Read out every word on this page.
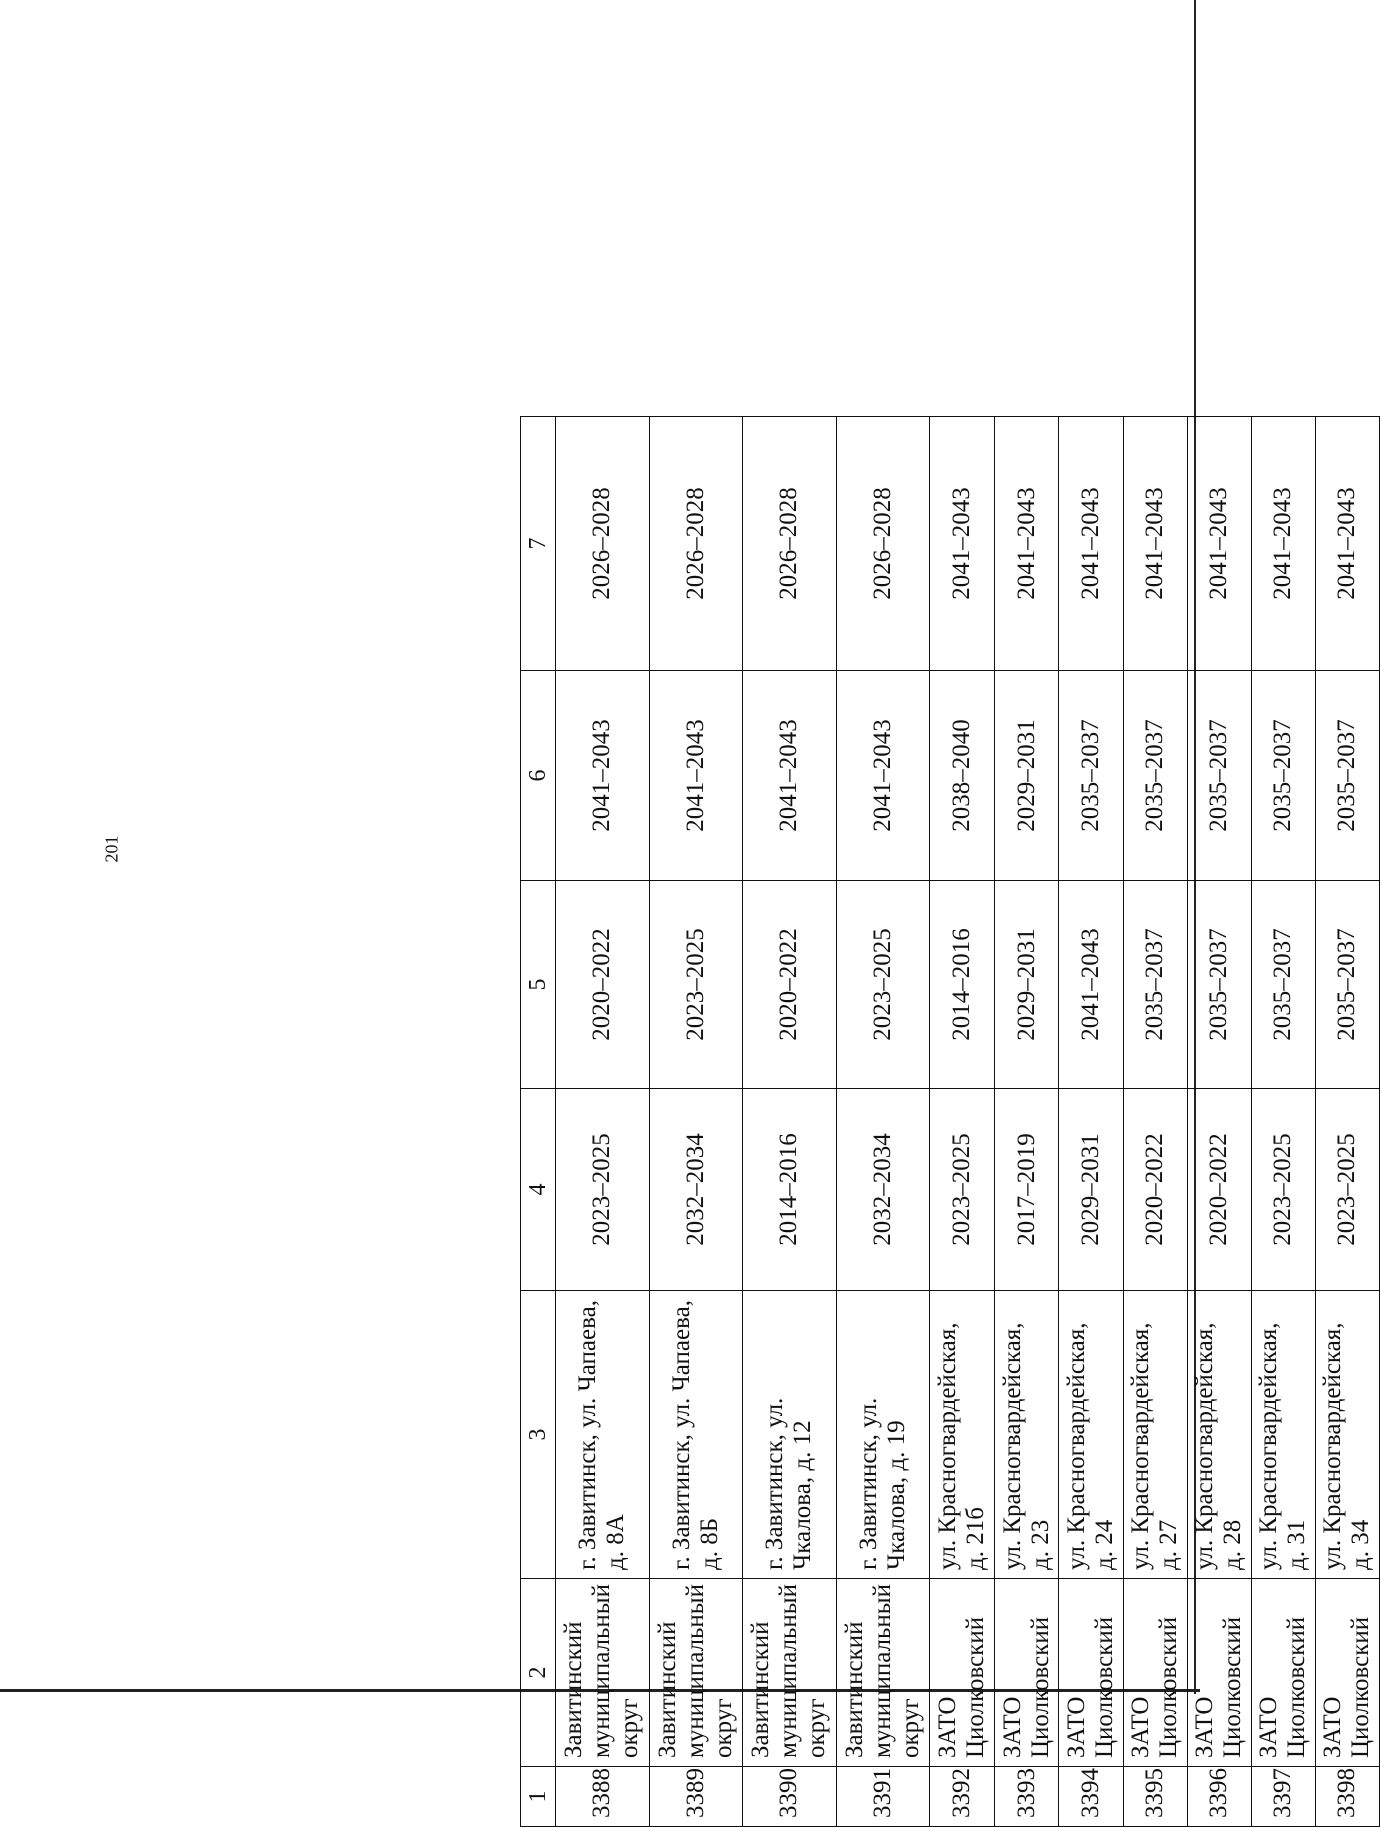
201
1	2	3	4	5	6	7
3388	Завитинский муниципальный округ	г. Завитинск, ул. Чапаева, д. 8А	2023–2025	2020–2022	2041–2043	2026–2028
3389	Завитинский муниципальный округ	г. Завитинск, ул. Чапаева, д. 8Б	2032–2034	2023–2025	2041–2043	2026–2028
3390	Завитинский муниципальный округ	г. Завитинск, ул. Чкалова, д. 12	2014–2016	2020–2022	2041–2043	2026–2028
3391	Завитинский муниципальный округ	г. Завитинск, ул. Чкалова, д. 19	2032–2034	2023–2025	2041–2043	2026–2028
3392	ЗАТО Циолковский	ул. Красногвардейская, д. 21б	2023–2025	2014–2016	2038–2040	2041–2043
3393	ЗАТО Циолковский	ул. Красногвардейская, д. 23	2017–2019	2029–2031	2029–2031	2041–2043
3394	ЗАТО Циолковский	ул. Красногвардейская, д. 24	2029–2031	2041–2043	2035–2037	2041–2043
3395	ЗАТО Циолковский	ул. Красногвардейская, д. 27	2020–2022	2035–2037	2035–2037	2041–2043
3396	ЗАТО Циолковский	ул. Красногвардейская, д. 28	2020–2022	2035–2037	2035–2037	2041–2043
3397	ЗАТО Циолковский	ул. Красногвардейская, д. 31	2023–2025	2035–2037	2035–2037	2041–2043
3398	ЗАТО Циолковский	ул. Красногвардейская, д. 34	2023–2025	2035–2037	2035–2037	2041–2043
